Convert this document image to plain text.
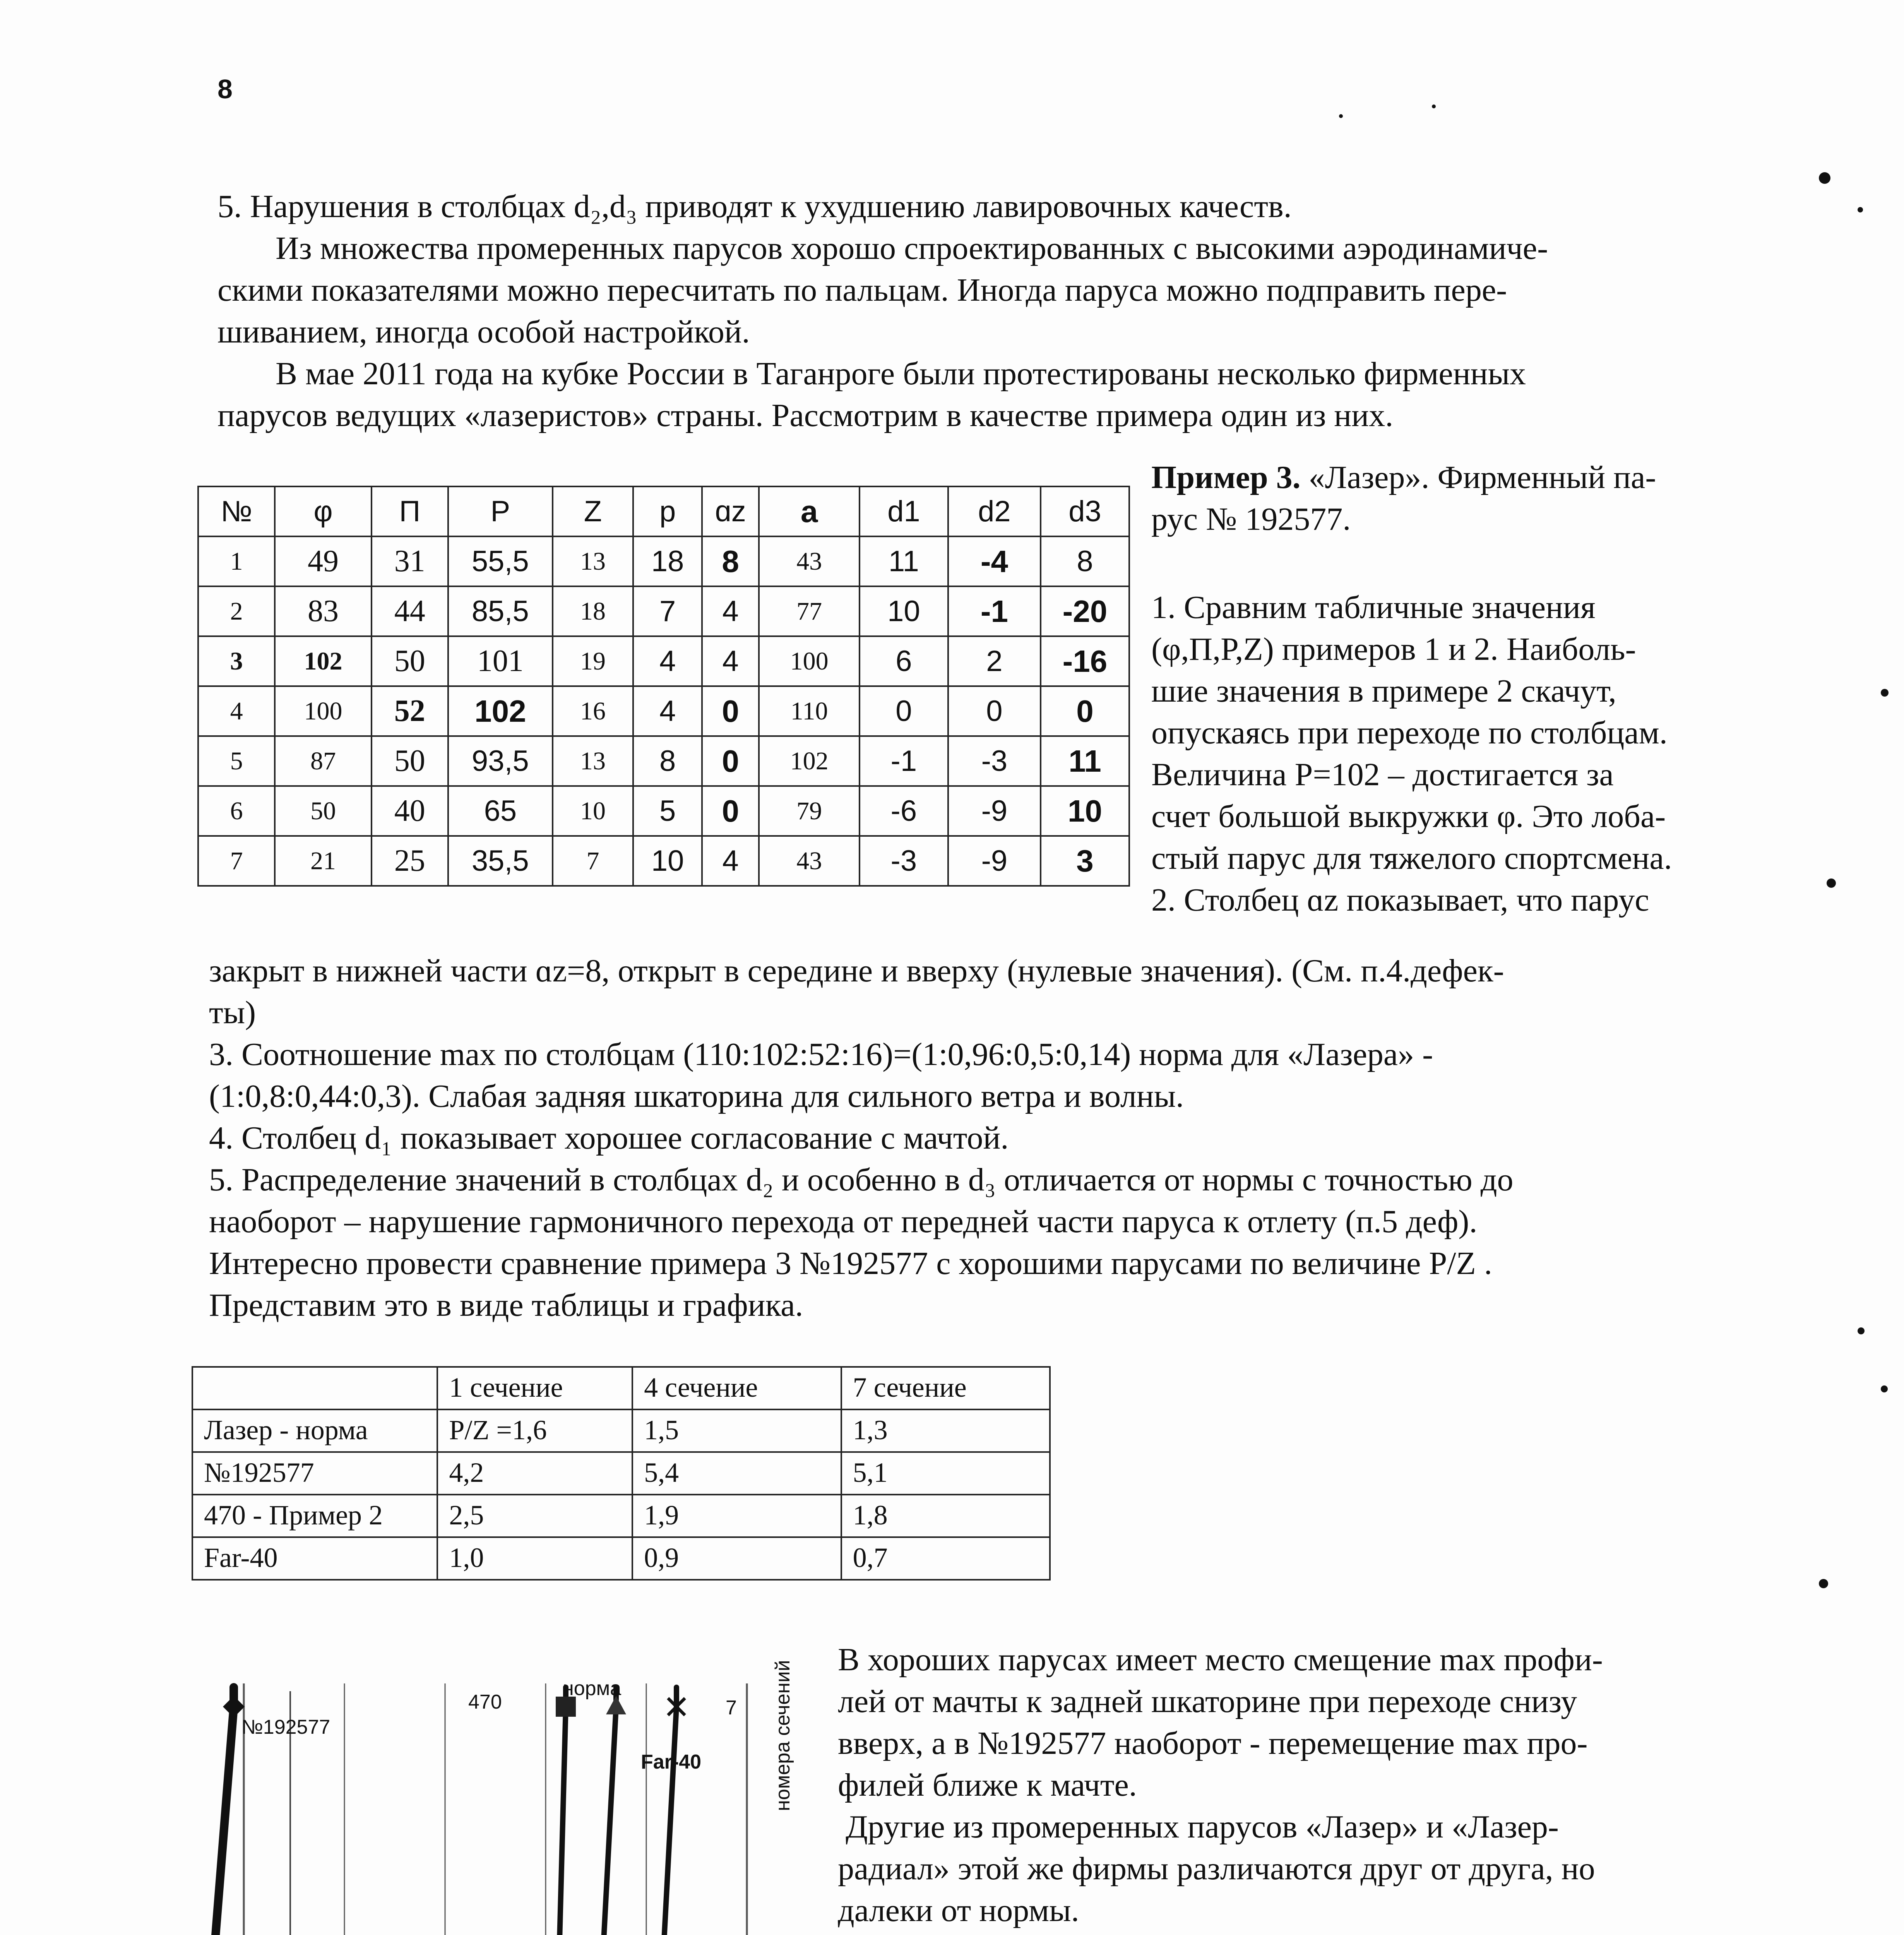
8
5. Нарушения в столбцах d₂,d₃ приводят к ухудшению лавировочных качеств.
Из множества промеренных парусов хорошо спроектированных с высокими аэродинамиче-
скими показателями можно пересчитать по пальцам. Иногда паруса можно подправить пере-
шиванием, иногда особой настройкой.
В мае 2011 года на кубке России в Таганроге были протестированы несколько фирменных
парусов ведущих «лазеристов» страны. Рассмотрим в качестве примера один из них.
№	φ	П	P	Z	p	ɑz	a	d1	d2	d3
1	49	31	55,5	13	18	8	43	11	-4	8
2	83	44	85,5	18	7	4	77	10	-1	-20
3	102	50	101	19	4	4	100	6	2	-16
4	100	52	102	16	4	0	110	0	0	0
5	87	50	93,5	13	8	0	102	-1	-3	11
6	50	40	65	10	5	0	79	-6	-9	10
7	21	25	35,5	7	10	4	43	-3	-9	3
Пример 3. «Лазер». Фирменный па-
рус № 192577.
1. Сравним табличные значения
(φ,П,P,Z) примеров 1 и 2. Наиболь-
шие значения в примере 2 скачут,
опускаясь при переходе по столбцам.
Величина P=102 – достигается за
счет большой выкружки φ. Это лоба-
стый парус для тяжелого спортсмена.
2. Столбец ɑz показывает, что парус
закрыт в нижней части ɑz=8, открыт в середине и вверху (нулевые значения). (См. п.4.дефек-
ты)
3. Соотношение max по столбцам (110:102:52:16)=(1:0,96:0,5:0,14) норма для «Лазера» -
(1:0,8:0,44:0,3). Слабая задняя шкаторина для сильного ветра и волны.
4. Столбец d₁ показывает хорошее согласование с мачтой.
5. Распределение значений в столбцах d₂ и особенно в d₃ отличается от нормы с точностью до
наоборот – нарушение гармоничного перехода от передней части паруса к отлету (п.5 деф).
Интересно провести сравнение примера 3 №192577 с хорошими парусами по величине P/Z .
Представим это в виде таблицы и графика.
	1 сечение	4 сечение	7 сечение
Лазер - норма	P/Z =1,6	1,5	1,3
№192577	4,2	5,4	5,1
470 - Пример 2	2,5	1,9	1,8
Far-40	1,0	0,9	0,7
7
№192577
470
норма
Far-40	номера сечений
В хороших парусах имеет место смещение max профи-
лей от мачты к задней шкаторине при переходе снизу
вверх, а в №192577 наоборот - перемещение max про-
филей ближе к мачте.
Другие из промеренных парусов «Лазер» и «Лазер-
радиал» этой же фирмы различаются друг от друга, но
далеки от нормы.
